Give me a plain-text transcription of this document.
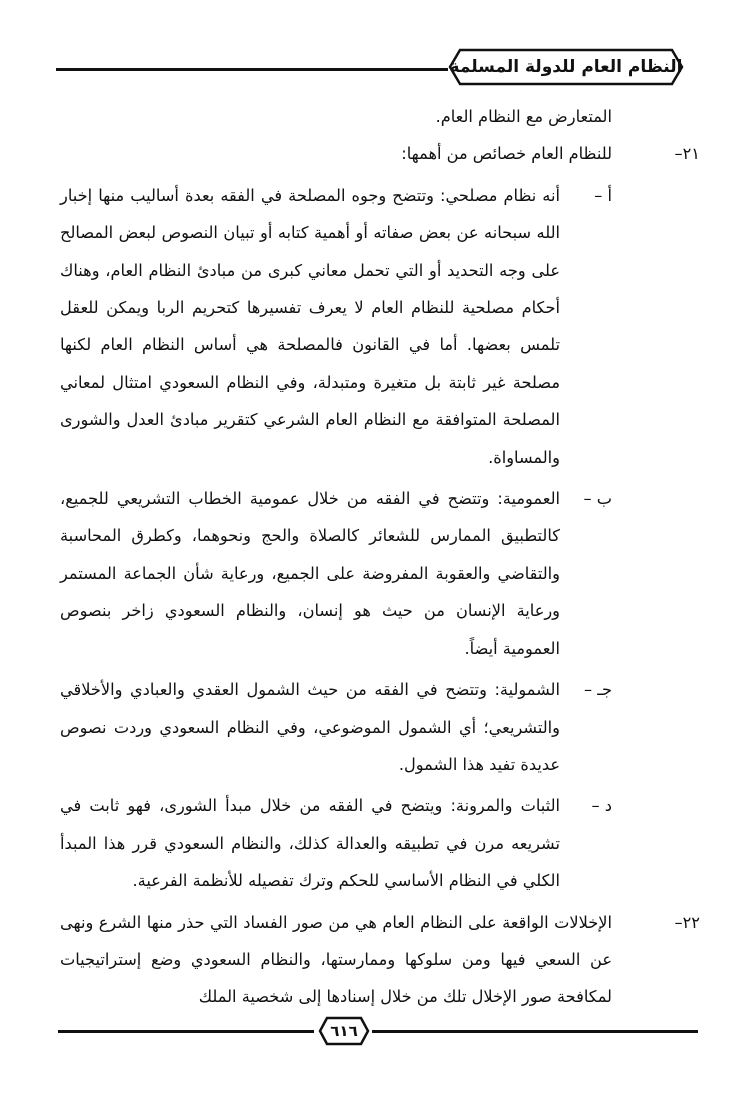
النظام العام للدولة المسلمة

المتعارض مع النظام العام.

٢١–
للنظام العام خصائص من أهمها:
أ –
أنه نظام مصلحي: وتتضح وجوه المصلحة في الفقه بعدة أساليب منها إخبار الله سبحانه عن بعض صفاته أو أهمية كتابه أو تبيان النصوص لبعض المصالح على وجه التحديد أو التي تحمل معاني كبرى من مبادئ النظام العام، وهناك أحكام مصلحية للنظام العام لا يعرف تفسيرها كتحريم الربا ويمكن للعقل تلمس بعضها. أما في القانون فالمصلحة هي أساس النظام العام لكنها مصلحة غير ثابتة بل متغيرة ومتبدلة، وفي النظام السعودي امتثال لمعاني المصلحة المتوافقة مع النظام العام الشرعي كتقرير مبادئ العدل والشورى والمساواة.
ب –
العمومية: وتتضح في الفقه من خلال عمومية الخطاب التشريعي للجميع، كالتطبيق الممارس للشعائر كالصلاة والحج ونحوهما، وكطرق المحاسبة والتقاضي والعقوبة المفروضة على الجميع، ورعاية شأن الجماعة المستمر ورعاية الإنسان من حيث هو إنسان، والنظام السعودي زاخر بنصوص العمومية أيضاً.
جـ –
الشمولية: وتتضح في الفقه من حيث الشمول العقدي والعبادي والأخلاقي والتشريعي؛ أي الشمول الموضوعي، وفي النظام السعودي وردت نصوص عديدة تفيد هذا الشمول.
د –
الثبات والمرونة: ويتضح في الفقه من خلال مبدأ الشورى، فهو ثابت في تشريعه مرن في تطبيقه والعدالة كذلك، والنظام السعودي قرر هذا المبدأ الكلي في النظام الأساسي للحكم وترك تفصيله للأنظمة الفرعية.
٢٢–
الإخلالات الواقعة على النظام العام هي من صور الفساد التي حذر منها الشرع ونهى عن السعي فيها ومن سلوكها وممارستها، والنظام السعودي وضع إستراتيجيات لمكافحة صور الإخلال تلك من خلال إسنادها إلى شخصية الملك
٦١٦
